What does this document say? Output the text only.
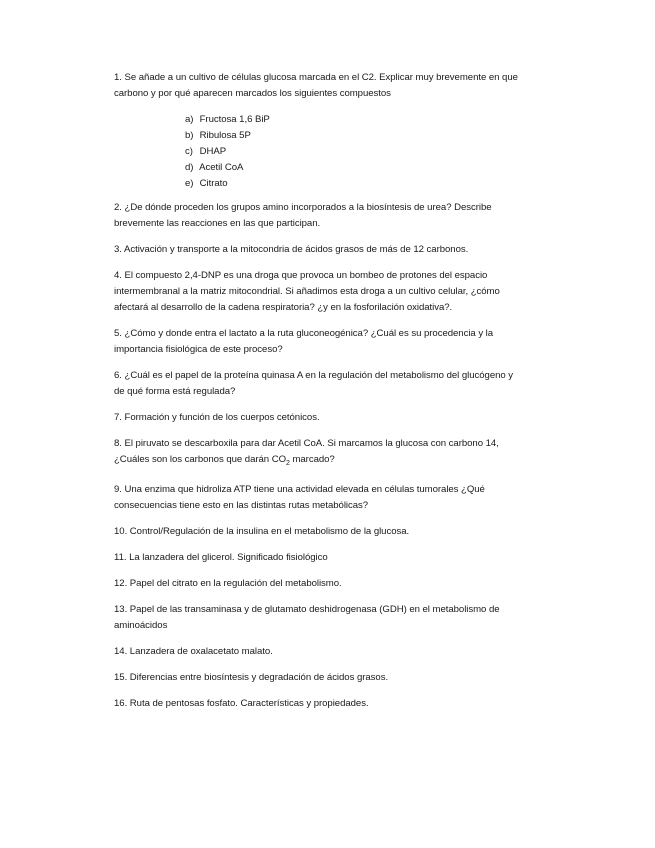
1. Se añade a un cultivo de células glucosa marcada en el C2. Explicar muy brevemente en que

carbono y por qué aparecen marcados los siguientes compuestos

a) Fructosa 1,6 BiP
b) Ribulosa 5P
c) DHAP
d) Acetil CoA
e) Citrato

2. ¿De dónde proceden los grupos amino incorporados a la biosíntesis de urea? Describe

brevemente las reacciones en las que participan.

3. Activación y transporte a la mitocondria de ácidos grasos de más de 12 carbonos.

4. El compuesto 2,4-DNP es una droga que provoca un bombeo de protones del espacio

intermembranal a la matriz mitocondrial. Si añadimos esta droga a un cultivo celular, ¿cómo

afectará al desarrollo de la cadena respiratoria? ¿y en la fosforilación oxidativa?.

5. ¿Cómo y donde entra el lactato a la ruta gluconeogénica? ¿Cuál es su procedencia y la

importancia fisiológica de este proceso?

6. ¿Cuál es el papel de la proteína quinasa A en la regulación del metabolismo del glucógeno y

de qué forma está regulada?

7. Formación y función de los cuerpos cetónicos.

8. El piruvato se descarboxila para dar Acetil CoA. Si marcamos la glucosa con carbono 14,

¿Cuáles son los carbonos que darán $CO_2$ marcado?

9. Una enzima que hidroliza ATP tiene una actividad elevada en células tumorales ¿Qué

consecuencias tiene esto en las distintas rutas metabólicas?

10. Control/Regulación de la insulina en el metabolismo de la glucosa.

11. La lanzadera del glicerol. Significado fisiológico

12. Papel del citrato en la regulación del metabolismo.

13. Papel de las transaminasa y de glutamato deshidrogenasa (GDH) en el metabolismo de

aminoácidos

14. Lanzadera de oxalacetato malato.

15. Diferencias entre biosíntesis y degradación de ácidos grasos.

16. Ruta de pentosas fosfato. Características y propiedades.
